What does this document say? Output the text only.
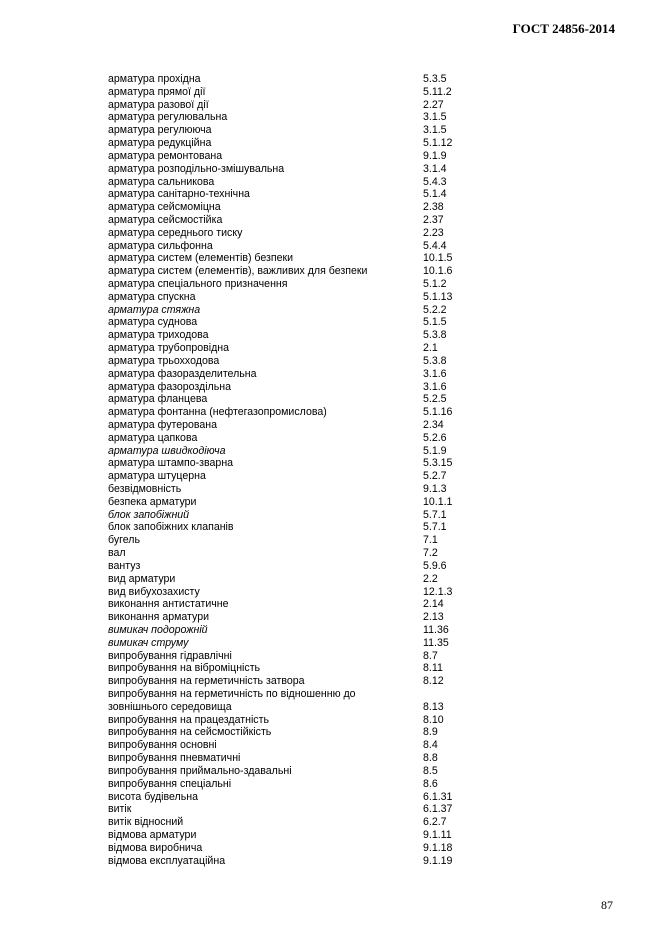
ГОСТ 24856-2014
арматура прохідна	5.3.5
арматура прямої дії	5.11.2
арматура разової дії	2.27
арматура регулювальна	3.1.5
арматура регулююча	3.1.5
арматура редукційна	5.1.12
арматура ремонтована	9.1.9
арматура розподільно-змішувальна	3.1.4
арматура сальникова	5.4.3
арматура санітарно-технічна	5.1.4
арматура сейсмоміцна	2.38
арматура сейсмостійка	2.37
арматура середнього тиску	2.23
арматура сильфонна	5.4.4
арматура систем (елементів) безпеки	10.1.5
арматура систем (елементів), важливих для безпеки	10.1.6
арматура спеціального призначення	5.1.2
арматура спускна	5.1.13
арматура стяжна	5.2.2
арматура суднова	5.1.5
арматура триходова	5.3.8
арматура трубопровідна	2.1
арматура трьохходова	5.3.8
арматура фазоразделительна	3.1.6
арматура фазороздільна	3.1.6
арматура фланцева	5.2.5
арматура фонтанна (нефтегазопромислова)	5.1.16
арматура футерована	2.34
арматура цапкова	5.2.6
арматура швидкодіюча	5.1.9
арматура штампо-зварна	5.3.15
арматура штуцерна	5.2.7
безвідмовність	9.1.3
безпека арматури	10.1.1
блок запобіжний	5.7.1
блок запобіжних клапанів	5.7.1
бугель	7.1
вал	7.2
вантуз	5.9.6
вид арматури	2.2
вид вибухозахисту	12.1.3
виконання антистатичне	2.14
виконання арматури	2.13
вимикач подорожній	11.36
вимикач струму	11.35
випробування гідравлічні	8.7
випробування на віброміцність	8.11
випробування на герметичність затвора	8.12
випробування на герметичність по відношенню до
зовнішнього середовища	8.13
випробування на працездатність	8.10
випробування на сейсмостійкість	8.9
випробування основні	8.4
випробування пневматичні	8.8
випробування приймально-здавальні	8.5
випробування спеціальні	8.6
висота будівельна	6.1.31
витік	6.1.37
витік відносний	6.2.7
відмова арматури	9.1.11
відмова виробнича	9.1.18
відмова експлуатаційна	9.1.19
87
